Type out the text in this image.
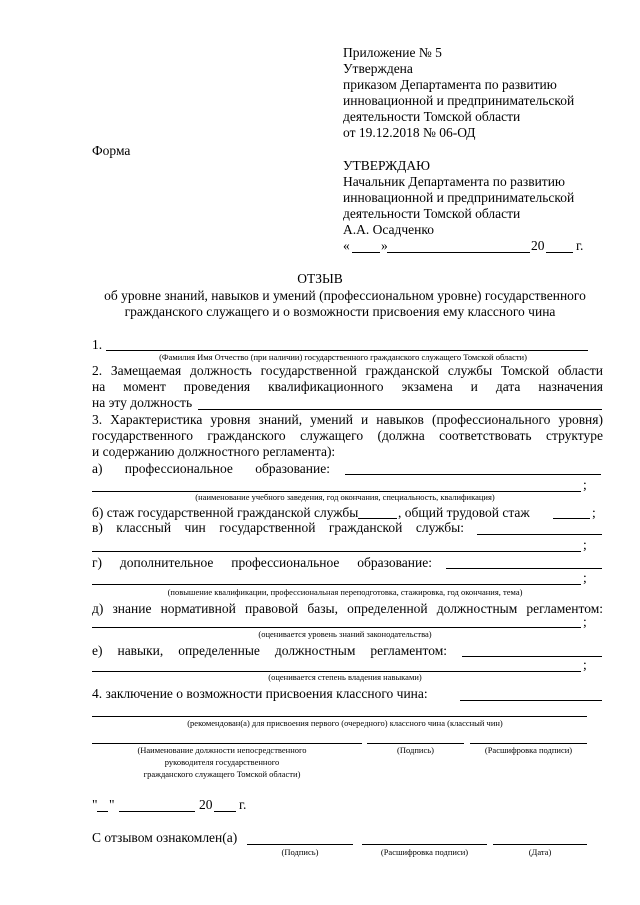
Приложение № 5
Утверждена
приказом Департамента по развитию
инновационной и предпринимательской
деятельности Томской области
от 19.12.2018 № 06-ОД
Форма
УТВЕРЖДАЮ
Начальник Департамента по развитию
инновационной и предпринимательской
деятельности Томской области
А.А. Осадченко
« »	20 г.
ОТЗЫВ
об уровне знаний, навыков и умений (профессиональном уровне) государственного
гражданского служащего и о возможности присвоения ему классного чина
1.
(Фамилия Имя Отчество (при наличии) государственного гражданского служащего Томской области)
2. Замещаемая должность государственной гражданской службы Томской области
на момент проведения квалификационного экзамена и дата назначения
на эту должность
3. Характеристика уровня знаний, умений и навыков (профессионального уровня)
государственного гражданского служащего (должна соответствовать структуре
и содержанию должностного регламента):
а) профессиональное образование:
;
(наименование учебного заведения, год окончания, специальность, квалификация)
б) стаж государственной гражданской службы	, общий трудовой стаж	;
в) классный чин государственной гражданской службы:
;
г) дополнительное профессиональное образование:
;
(повышение квалификации, профессиональная переподготовка, стажировка, год окончания, тема)
д) знание нормативной правовой базы, определенной должностным регламентом:
;
(оценивается уровень знаний законодательства)
е) навыки, определенные должностным регламентом:
;
(оценивается степень владения навыками)
4. заключение о возможности присвоения классного чина:
(рекомендован(а) для присвоения первого (очередного) классного чина (классный чин)
(Наименование должности непосредственного
руководителя государственного
гражданского служащего Томской области)
(Подпись)	(Расшифровка подписи)
" "	20 г.
С отзывом ознакомлен(а)
(Подпись)	(Расшифровка подписи)	(Дата)
